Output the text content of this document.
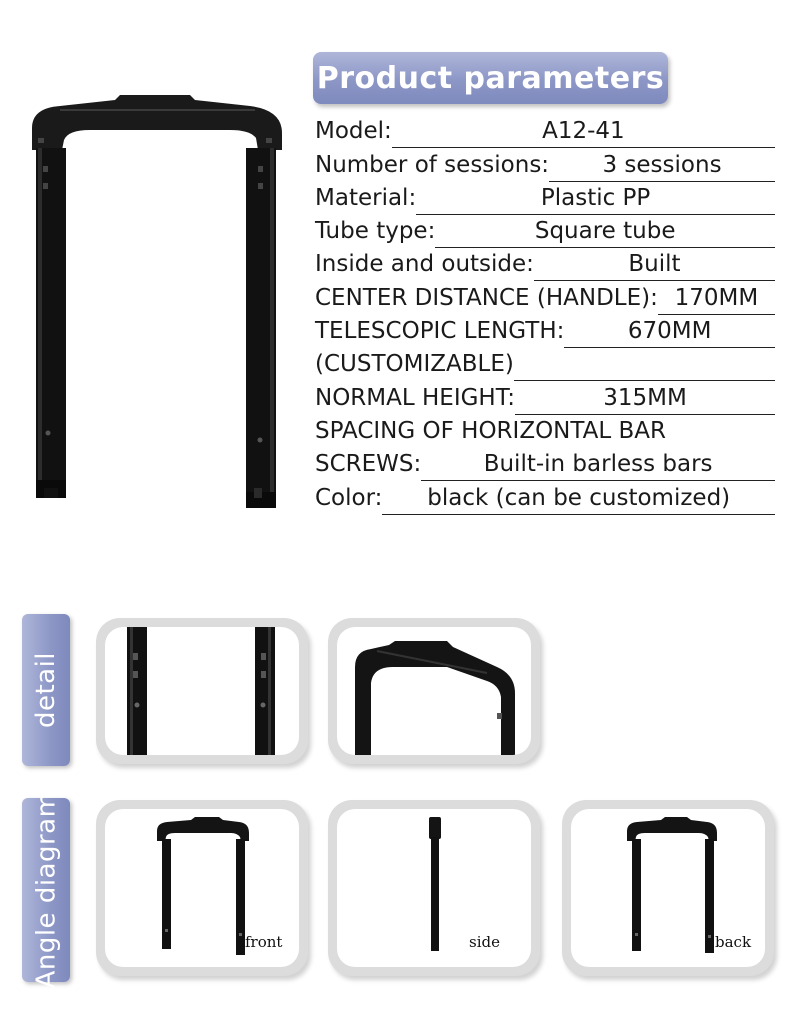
Product parameters
Model:	A12-41
Number of sessions: 3 sessions
Material:	Plastic PP
Tube type:	Square tube
Inside and outside:	Built
CENTER DISTANCE (HANDLE): 170MM
TELESCOPIC LENGTH:	670MM
(CUSTOMIZABLE)
NORMAL HEIGHT:	315MM
SPACING OF HORIZONTAL BAR
SCREWS:	Built-in barless bars
Color: black (can be customized)
detail
Angle diagram	front	side	back
